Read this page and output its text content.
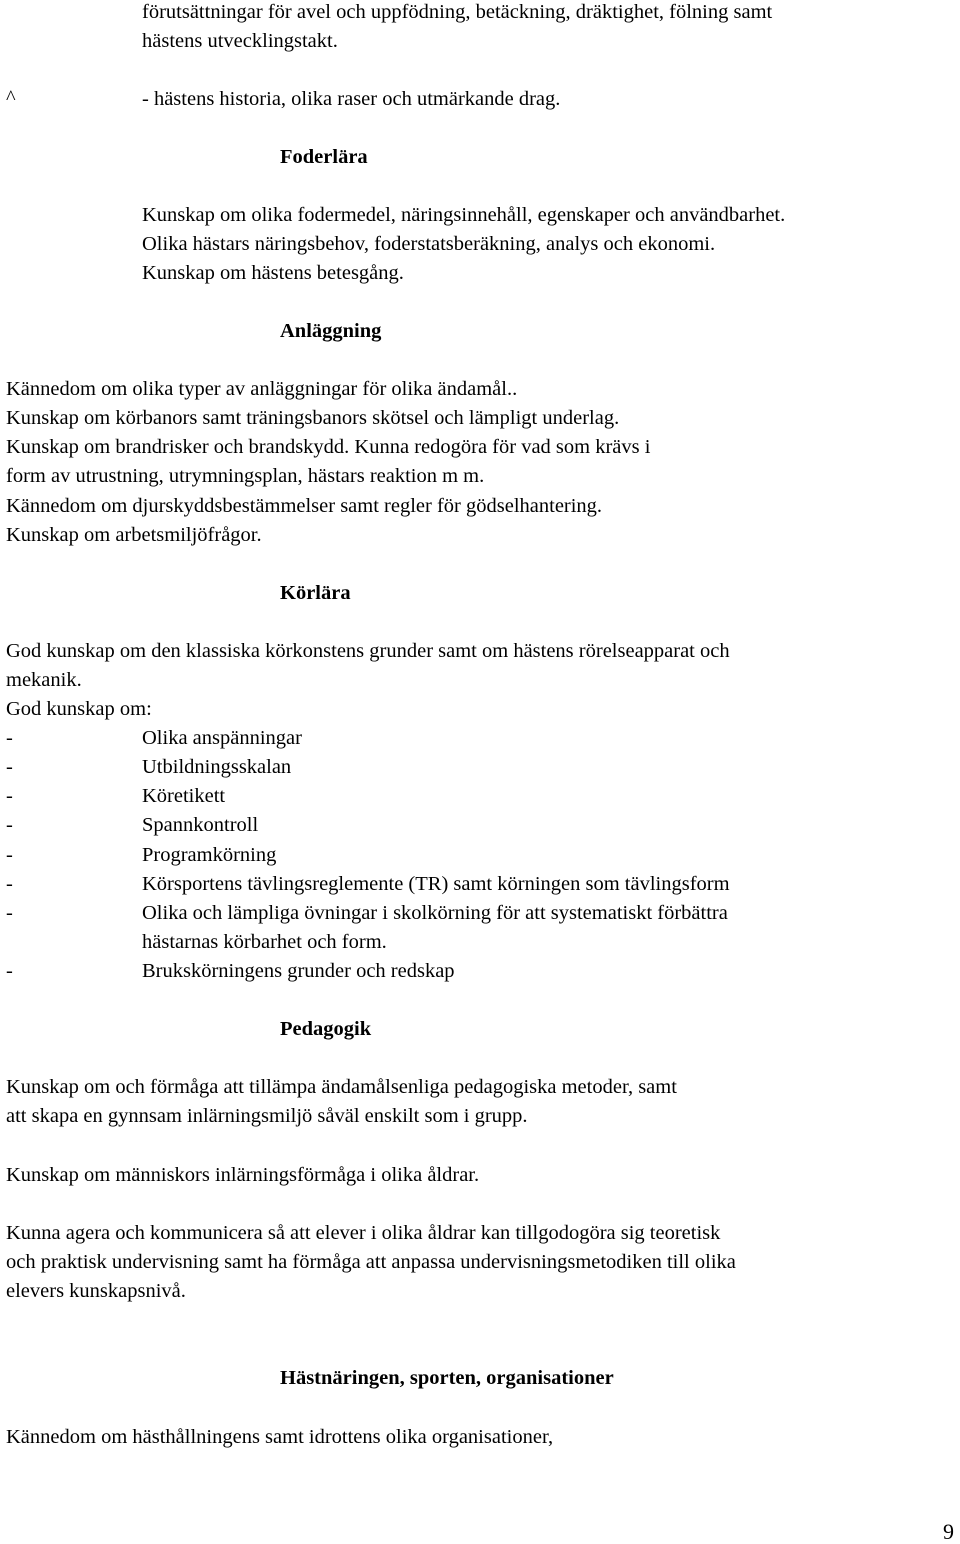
förutsättningar för avel och uppfödning, betäckning, dräktighet, fölning samt
hästens utvecklingstakt.
^	- hästens historia, olika raser och utmärkande drag.
Foderlära
Kunskap om olika fodermedel, näringsinnehåll, egenskaper och användbarhet.
Olika hästars näringsbehov, foderstatsberäkning, analys och ekonomi.
Kunskap om hästens betesgång.
Anläggning
Kännedom om olika typer av anläggningar för olika ändamål..
Kunskap om körbanors samt träningsbanors skötsel och lämpligt underlag.
Kunskap om brandrisker och brandskydd. Kunna redogöra för vad som krävs i
form av utrustning, utrymningsplan, hästars reaktion m m.
Kännedom om djurskyddsbestämmelser samt regler för gödselhantering.
Kunskap om arbetsmiljöfrågor.
Körlära
God kunskap om den klassiska körkonstens grunder samt om hästens rörelseapparat och
mekanik.
God kunskap om:
-	Olika anspänningar
-	Utbildningsskalan
-	Köretikett
-	Spannkontroll
-	Programkörning
-	Körsportens tävlingsreglemente (TR) samt körningen som tävlingsform
-	Olika och lämpliga övningar i skolkörning för att systematiskt förbättra
hästarnas körbarhet och form.
-	Brukskörningens grunder och redskap
Pedagogik
Kunskap om och förmåga att tillämpa ändamålsenliga pedagogiska metoder, samt
att skapa en gynnsam inlärningsmiljö såväl enskilt som i grupp.
Kunskap om människors inlärningsförmåga i olika åldrar.
Kunna agera och kommunicera så att elever i olika åldrar kan tillgodogöra sig teoretisk
och praktisk undervisning samt ha förmåga att anpassa undervisningsmetodiken till olika
elevers kunskapsnivå.
Hästnäringen, sporten, organisationer
Kännedom om hästhållningens samt idrottens olika organisationer,
9
